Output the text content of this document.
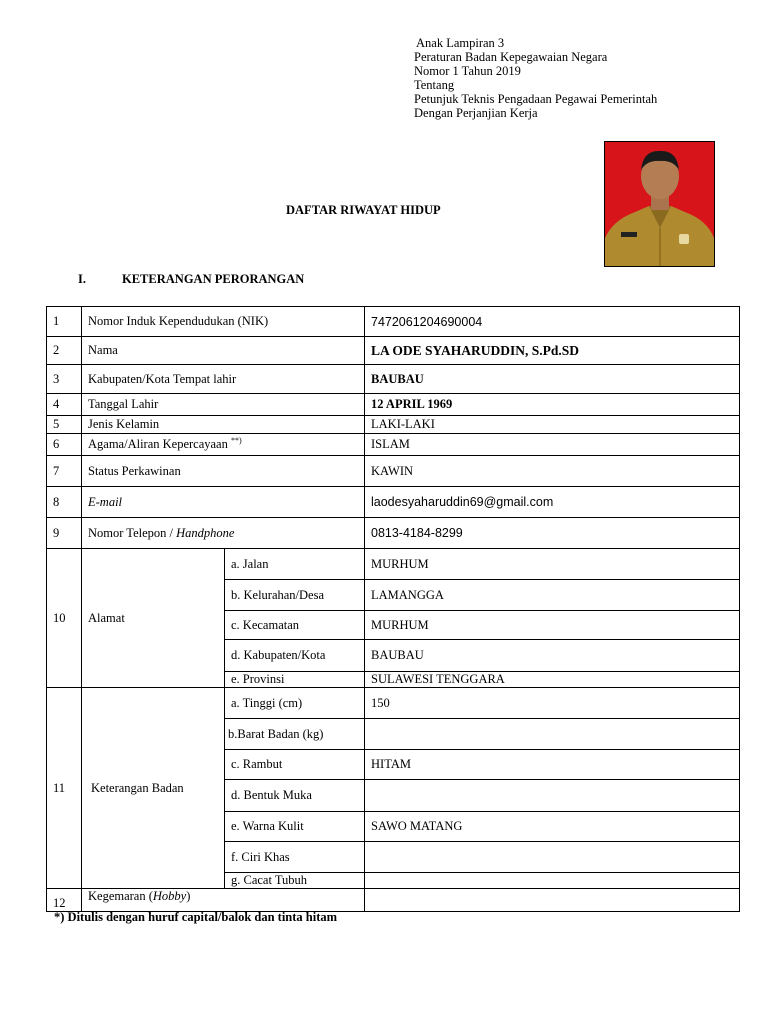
Anak Lampiran 3
Peraturan Badan Kepegawaian Negara
Nomor 1 Tahun 2019
Tentang
Petunjuk Teknis Pengadaan Pegawai Pemerintah
Dengan Perjanjian Kerja
DAFTAR RIWAYAT HIDUP
I.	KETERANGAN PERORANGAN
1	Nomor Induk Kependudukan (NIK)		7472061204690004
2	Nama		LA ODE SYAHARUDDIN, S.Pd.SD
3	Kabupaten/Kota Tempat lahir		BAUBAU
4	Tanggal Lahir		12 APRIL 1969
5	Jenis Kelamin		LAKI-LAKI
6	Agama/Aliran Kepercayaan **)		ISLAM
7	Status Perkawinan		KAWIN
8	E-mail		laodesyaharuddin69@gmail.com
9	Nomor Telepon / Handphone		0813-4184-8299
10	Alamat	a. Jalan	MURHUM
		b. Kelurahan/Desa	LAMANGGA
		c. Kecamatan	MURHUM
		d. Kabupaten/Kota	BAUBAU
		e. Provinsi	SULAWESI TENGGARA
11	Keterangan Badan	a. Tinggi (cm)	150
		b.Barat Badan (kg)	
		c. Rambut	HITAM
		d. Bentuk Muka	
		e. Warna Kulit	SAWO MATANG
		f. Ciri Khas	
		g. Cacat Tubuh	
12	Kegemaran (Hobby)		
*) Ditulis dengan huruf capital/balok dan tinta hitam
